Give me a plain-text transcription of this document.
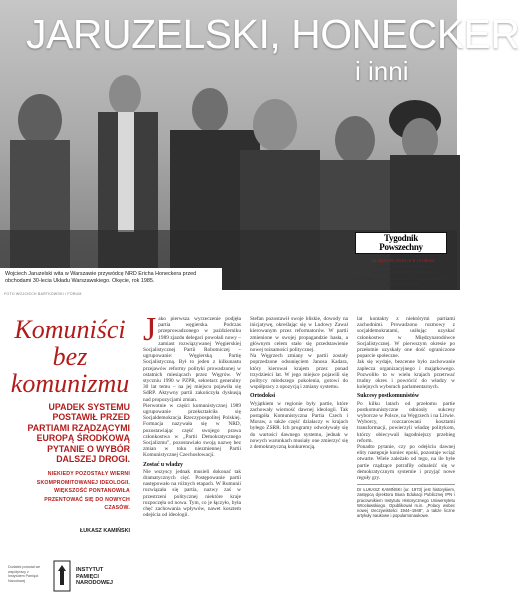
JARUZELSKI, HONECKER
i inni
Wojciech Jaruzelski wita w Warszawie przywódcę NRD Ericha Honeckera przed obchodami 30-lecia Układu Warszawskiego. Okęcie, rok 1985.
FOTO WOJCIECH BARTKOWSKI / FORUM
Tygodnik
Powszechny
31 stycznia 2010 nr 5 | Kraków
DODATEK SPECJALNY
"TYGODNIKA POWSZECHNEGO"
Redakcja: Wojciech Pięciak, Patrycja Bukalska,
Łukasz Kamiński
Komuniści
bez
komunizmu
UPADEK SYSTEMU POSTAWIŁ PRZED PARTIAMI RZĄDZĄCYMI EUROPĄ ŚRODKOWĄ PYTANIE O WYBÓR DALSZEJ DROGI.
NIEKIEDY POZOSTAŁY WIERNI SKOMPROMITOWANEJ IDEOLOGII. WIĘKSZOŚĆ PONTANOWIŁA PRZENTOWAĆ SIĘ DO NOWYCH CZASÓW.
ŁUKASZ KAMIŃSKI
Dodatek powstał we współpracy z Instytutem Pamięci Narodowej
INSTYTUT
PAMIĘCI
NARODOWEJ
J ako pierwsza wyrzeczenie podjęła partia węgierska. Podczas przeprowadzonego w październiku 1989 zjazdu delegaci powołali nowy – zamiast rozwiązywanej Węgierskiej Socjalistycznej Partii Robotniczej – ugrupowanie: Węgierską Partię Socjalistyczną. Był to jeden z kilkunastu przejawów reformy polityki prowadzonej w ostatnich miesiącach przez Węgrów. W styczniu 1990 w PZPR, sekretarz generalny 30 lat temu – na jej miejscu pojawiła się SdRP. Aktywny partii zakończyła dyskusją nad propozycjami zmian.

Pierwotnie w części komunistycznej 1989 ugrupowanie przekształciła się Socjaldemokracja Rzeczypospolitej Polskiej. Formacja nazywała się w NRD, pozostawiając część swojego prawa członkostwa w „Partii Demokratycznego Socjalizmu”, pozostawiało swoją nazwę bez zmian w toku niezmiennej Partii Komunistycznej Czechosłowacji.

Zostać u władzy

Nie wszyscy jednak musieli dokonać tak dramatycznych cięć. Postępowanie partii następowało na różnych etapach. W Rumunii rozwiązała się partia, nazwy zaś w przestrzeni politycznej niektóre kraje rozpoczęła od nowa. Tym, co je łączyło, była chęć zachowania wpływów, nawet kosztem odejścia od ideologii.

Stefan pozostawił swoje bliskie, dowody na inicjatywę, określając się w Ludowy Zawal kierowanym przez reformatorów. W partii zmienione w swojej propagandzie hasła, a głównym celem stało się przedstawienie nowej tożsamości politycznej.

Na Węgrzech zmiany w partii zostały poprzedzone odsunięciem Janosa Kadara, który kierował krajem przez ponad trzydzieści lat. W jego miejsce pojawili się politycy młodszego pokolenia, gotowi do współpracy z opozycją i zmiany systemu.

Ortodoksi

Wyjątkiem w regionie były partie, które zachowały wierność dawnej ideologii. Tak postąpiła Komunistyczna Partia Czech i Moraw, a także część działaczy w krajach byłego ZSRR. Ich programy odwoływały się do wartości dawnego systemu, jednak w nowych warunkach musiały one zmierzyć się z demokratyczną konkurencją.

lat kontakty z niektórymi partiami zachodnimi. Prowadzono rozmowy z socjaldemokratami, usiłując uzyskać członkostwo w Międzynarodówce Socjalistycznej. W pierwszym okresie po przełomie uzyskały one dość ograniczone poparcie społeczne.

Jak się wydaje, bezcenne było zachowanie zaplecza organizacyjnego i majątkowego. Pozwoliło to w wielu krajach przetrwać trudny okres i powrócić do władzy w kolejnych wyborach parlamentarnych.

Sukcesy postkomunistów

Po kilku latach od przełomu partie postkomunistyczne odniosły sukcesy wyborcze w Polsce, na Węgrzech i na Litwie. Wyborcy, rozczarowani kosztami transformacji, powierzyli władzę politykom, którzy obiecywali łagodniejszy przebieg reform.

Ponadto pytanie, czy po odejściu dawnej elity następuje koniec epoki, pozostaje wciąż otwarte. Wiele zależało od tego, na ile byłe partie rządzące potrafiły odnaleźć się w demokratycznym systemie i przyjąć nowe reguły gry.

Dr ŁUKASZ KAMIŃSKI (ur. 1973) jest historykiem, zastępcą dyrektora Biura Edukacji Publicznej IPN i pracownikiem Instytutu Historycznego Uniwersytetu Wrocławskiego. Opublikował m.in. „Polacy wobec nowej rzeczywistości 1944–1948”, a także liczne artykuły naukowe i popularnonaukowe.
